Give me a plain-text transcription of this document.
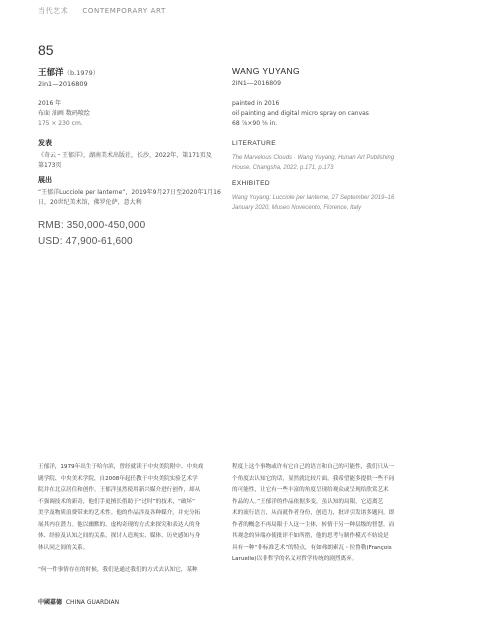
当代艺术 CONTEMPORARY ART
85
王郁洋（b.1979）
2in1—2016809
WANG YUYANG
2IN1—2016809
2016 年
布面 油画 数码喷绘
175 × 230 cm.
painted in 2016
oil painting and digital micro spray on canvas
68 ⅞×90 ⅝ in.
发表
《奇云・王郁洋》，湖南美术出版社，长沙，2022年，第171页及
第173页
LITERATURE
The Marvelous Clouds · Wang Yuyang, Hunan Art Publishing
House, Changsha, 2022, p.171, p.173
展出
“王郁洋Lucciole per lanterne”，2019年9月27日至2020年1月16
日，20世纪美术馆，佛罗伦萨，意大利
EXHIBITED
Wang Yuyang: Lucciole per lanterne, 27 September 2019–16
January 2020, Museo Novecento, Florence, Italy
RMB: 350,000-450,000
USD: 47,900-61,600
王郁洋，1979年出生于哈尔滨，曾经就读于中央美院附中、中央戏
剧学院、中央美术学院，自2008年起任教于中央美院实验艺术学
院并在北京居住和创作。王郁洋虽然使用新兴媒介进行创作，却从
不强调技术的新奇，他们手更擅长借助于“过时”的技术，“破坏”
美学及物质浪费带来的艺术性。他的作品涉及各种媒介，并充分拓
展其内在潜力。他以幽默的、虚构奇现的方式来探究和表达人的身
体、经验及认知之间的关系，探讨人造现实、媒体、历史感知与身
体认同之间的关系。
“何一件事情存在的时候，我们是通过我们的方式去认知它，某种
程度上这个事物或许有它自己的语言和自己的可能性，我们只从一
个角度去认知它的话，显然就比较片面，我希望能多提供一些不同
的可能性，让它有一些丰富的角度呈现给观众或呈现给欣赏艺术
作品的人。”王郁洋的作品依据多变，虽认知的局限，它适离艺
术的流行语言，从而就作者身份，创造力，批评引发诸多题问。即
作者的概念不再局限于人这一主体，转情于另一种层级的智慧。而
其观念的异端亦使批评不如所措，他的思考与制作模式不妨说是
具有一种“非标准艺术”的特点，有如弗朗索瓦・拉鲁勒(François
Laruelle)以非哲学的名义对哲学传统的剧烈离弃。
中國嘉德 CHINA GUARDIAN
